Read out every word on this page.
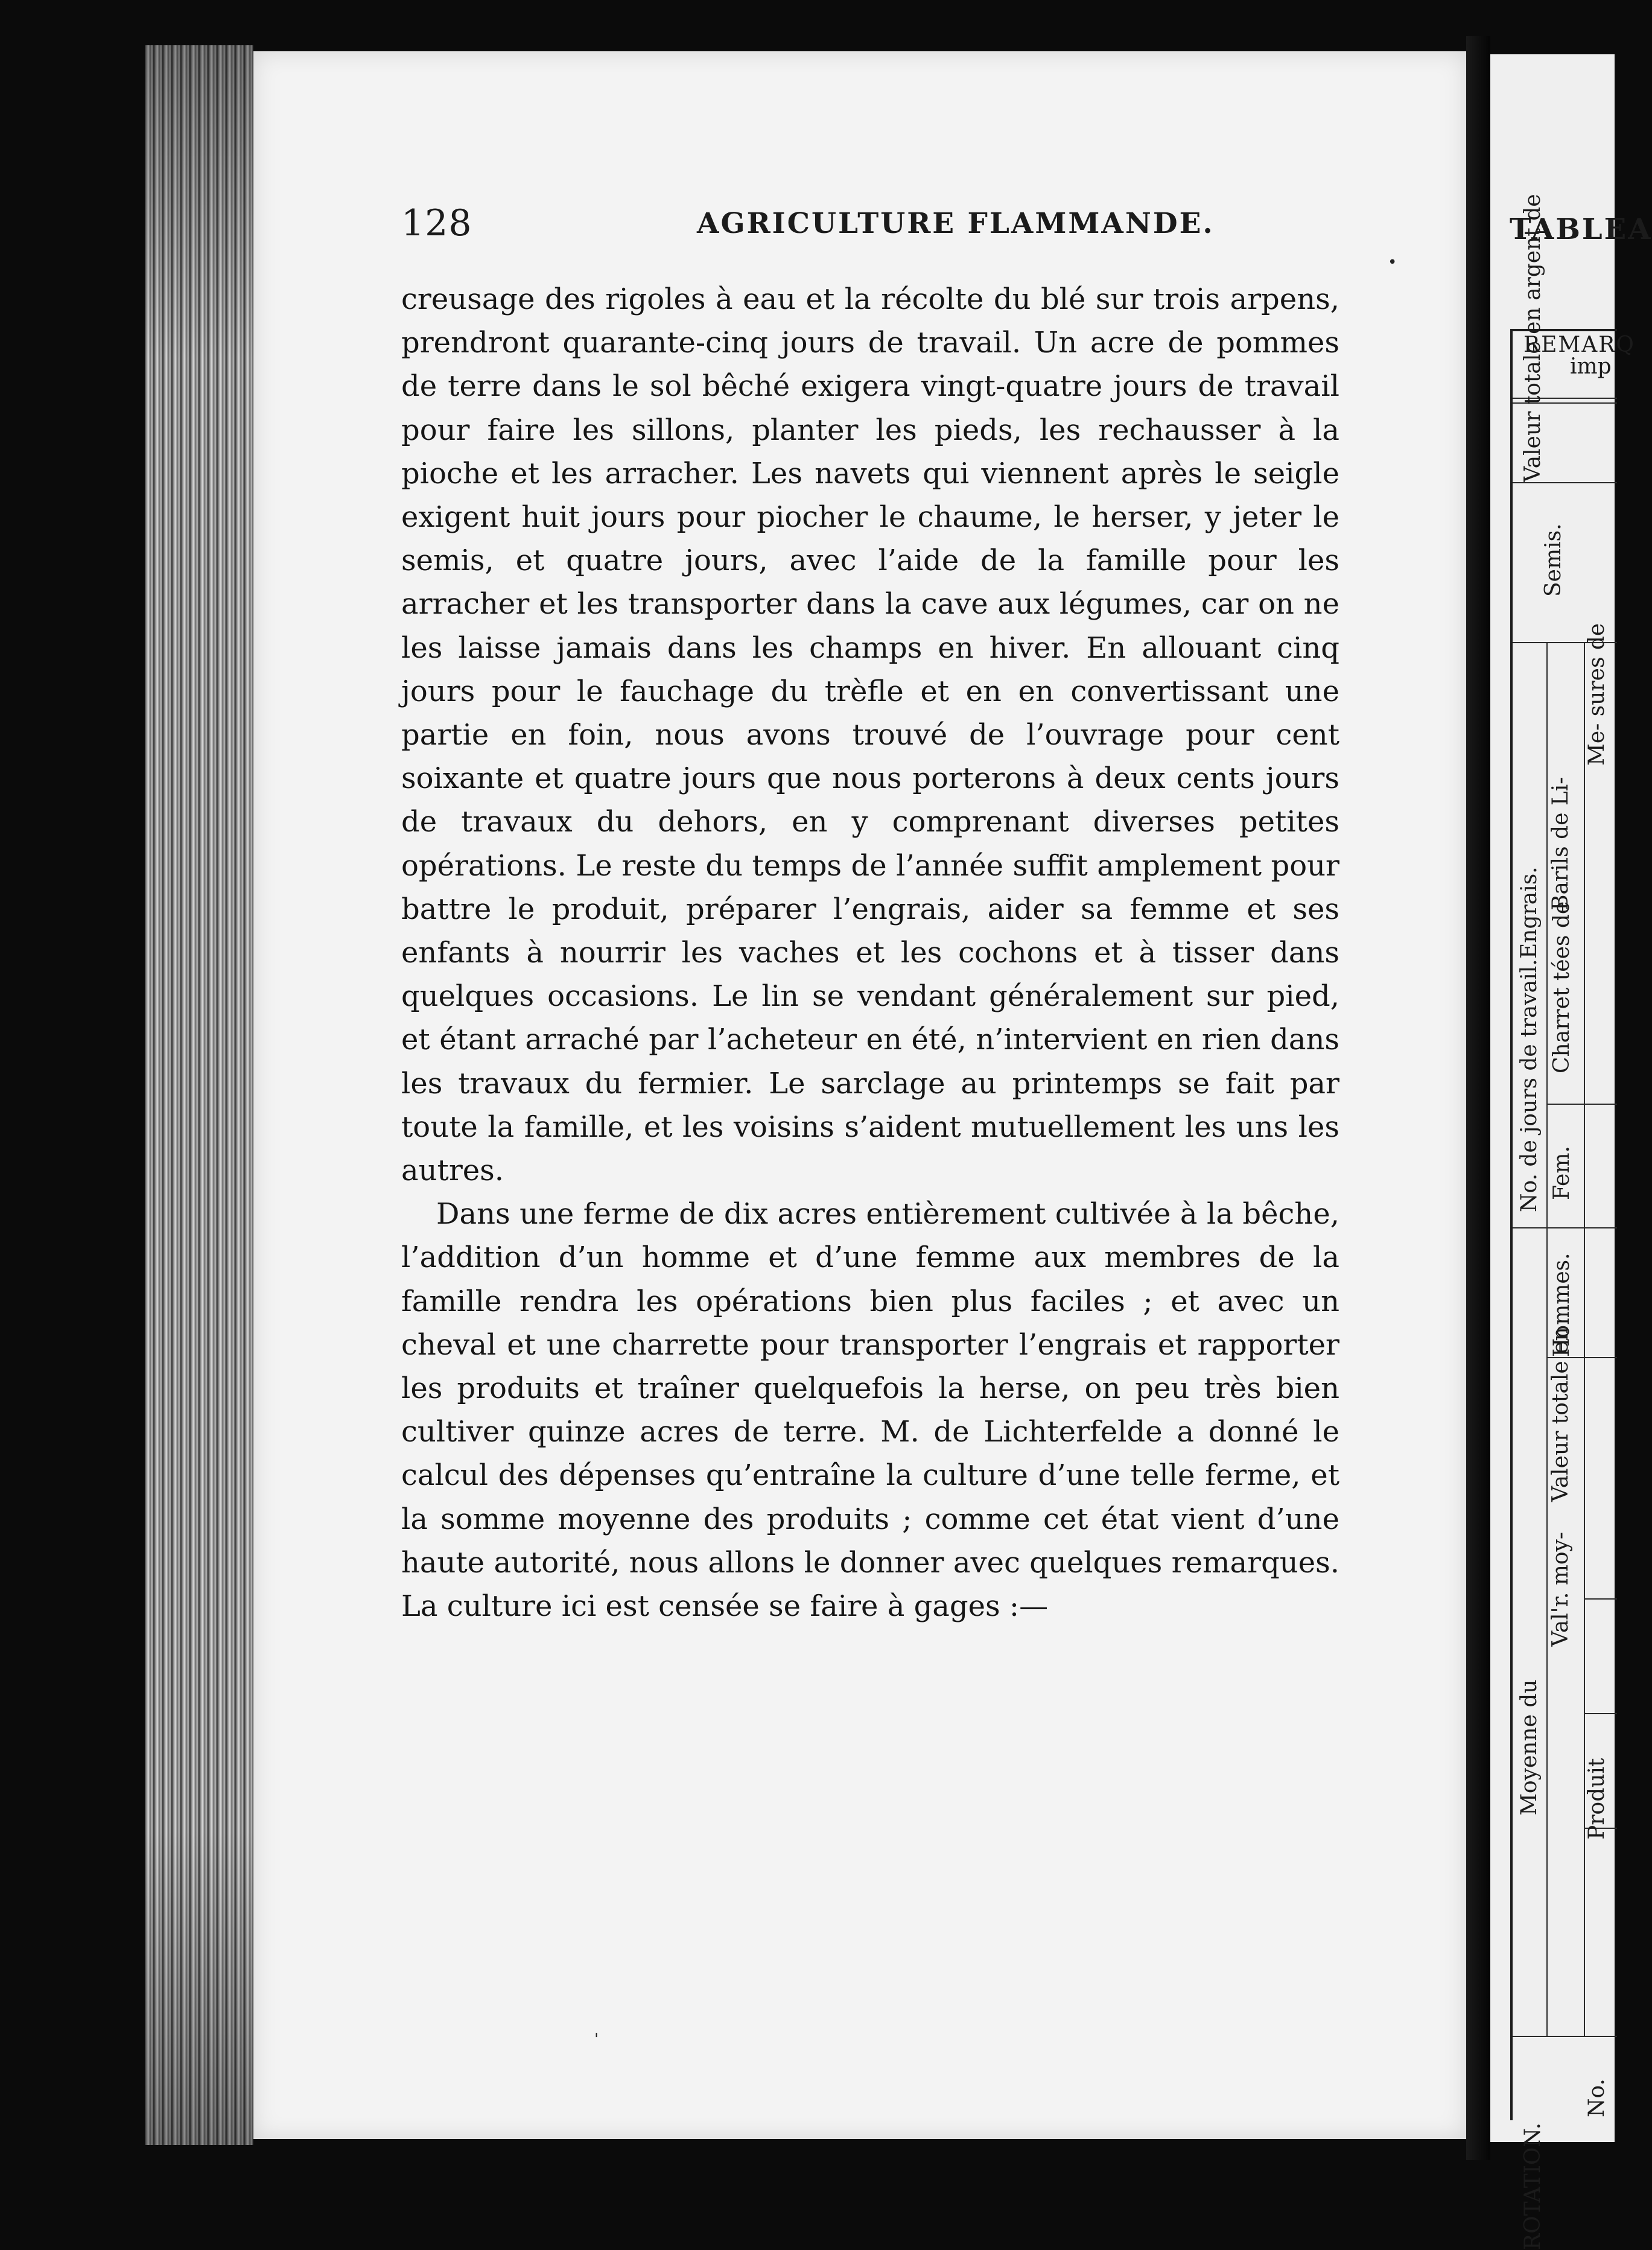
128	AGRICULTURE FLAMMANDE.

creusage des rigoles à eau et la récolte du blé sur trois arpens, prendront quarante-cinq jours de travail. Un acre de pommes de terre dans le sol bêché exigera vingt-quatre jours de travail pour faire les sillons, planter les pieds, les rechausser à la pioche et les arracher. Les navets qui viennent après le seigle exigent huit jours pour piocher le chaume, le herser, y jeter le semis, et quatre jours, avec l’aide de la famille pour les arracher et les transporter dans la cave aux légumes, car on ne les laisse jamais dans les champs en hiver. En allouant cinq jours pour le fauchage du trèfle et en en convertissant une partie en foin, nous avons trouvé de l’ouvrage pour cent soixante et quatre jours que nous porterons à deux cents jours de travaux du dehors, en y comprenant diverses petites opérations. Le reste du temps de l’année suffit amplement pour battre le produit, préparer l’engrais, aider sa femme et ses enfants à nourrir les vaches et les cochons et à tisser dans quelques occasions. Le lin se vendant généralement sur pied, et étant arraché par l’acheteur en été, n’intervient en rien dans les travaux du fermier. Le sarclage au printemps se fait par toute la famille, et les voisins s’aident mutuellement les uns les autres.

Dans une ferme de dix acres entièrement cultivée à la bêche, l’addition d’un homme et d’une femme aux membres de la famille rendra les opérations bien plus faciles ; et avec un cheval et une charrette pour transporter l’engrais et rapporter les produits et traîner quelquefois la herse, on peu très bien cultiver quinze acres de terre. M. de Lichterfelde a donné le calcul des dépenses qu’entraîne la culture d’une telle ferme, et la somme moyenne des produits ; comme cet état vient d’une haute autorité, nous allons le donner avec quelques remarques. La culture ici est censée se faire à gages :—

•
'
TABLEA
REMARQ
imp
Valeur totale en argent de
Semis.
Me- sures de
Barils de Li-
Charret tées de
Engrais.
Fem.
Hommes.
No. de jours de travail.
Valeur totale en
Val'r. moy-
Produit
Moyenne du
ROTATION.
No.
